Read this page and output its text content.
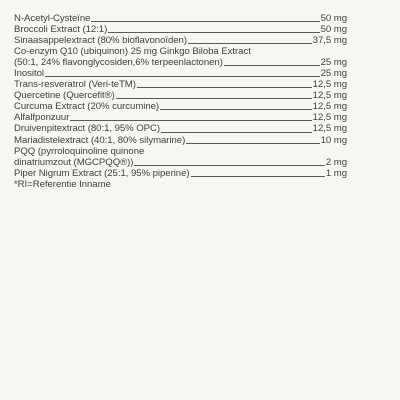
N-Acetyl-Cysteïne	50 mg
Broccoli Extract (12:1)	50 mg
Sinaasappelextract (80% bioflavonoïden)	37,5 mg
Co-enzym Q10 (ubiquinon) 25 mg Ginkgo Biloba Extract
(50:1, 24% flavonglycosiden,6% terpeenlactonen)	25 mg
Inositol	25 mg
Trans-resveratrol (Veri-teTM)	12,5 mg
Quercetine (Quercefit®)	12,5 mg
Curcuma Extract (20% curcumine)	12,5 mg
Alfalfponzuur	12,5 mg
Druivenpitextract (80:1, 95% OPC)	12,5 mg
Mariadistelextract (40:1, 80% silymarine)	10 mg
PQQ (pyrroloquinoline quinone
dinatriumzout (MGCPQQ®))	2 mg
Piper Nigrum Extract (25:1, 95% piperine)	1 mg
*RI=Referentie Inname
